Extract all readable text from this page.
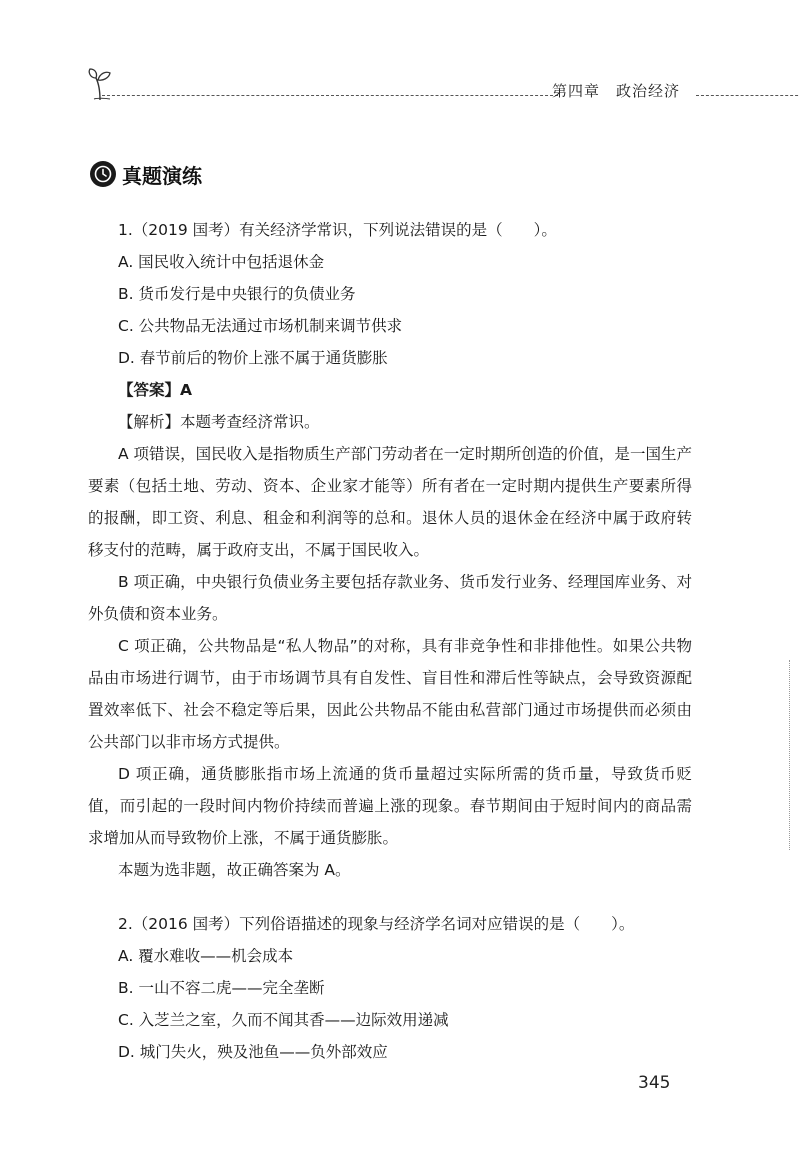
第四章 政治经济
真题演练
1.（2019 国考）有关经济学常识，下列说法错误的是（　　）。
A. 国民收入统计中包括退休金
B. 货币发行是中央银行的负债业务
C. 公共物品无法通过市场机制来调节供求
D. 春节前后的物价上涨不属于通货膨胀
【答案】A
【解析】本题考查经济常识。
A 项错误，国民收入是指物质生产部门劳动者在一定时期所创造的价值，是一国生产要素（包括土地、劳动、资本、企业家才能等）所有者在一定时期内提供生产要素所得的报酬，即工资、利息、租金和利润等的总和。退休人员的退休金在经济中属于政府转移支付的范畴，属于政府支出，不属于国民收入。
B 项正确，中央银行负债业务主要包括存款业务、货币发行业务、经理国库业务、对外负债和资本业务。
C 项正确，公共物品是“私人物品”的对称，具有非竞争性和非排他性。如果公共物品由市场进行调节，由于市场调节具有自发性、盲目性和滞后性等缺点，会导致资源配置效率低下、社会不稳定等后果，因此公共物品不能由私营部门通过市场提供而必须由公共部门以非市场方式提供。
D 项正确，通货膨胀指市场上流通的货币量超过实际所需的货币量，导致货币贬值，而引起的一段时间内物价持续而普遍上涨的现象。春节期间由于短时间内的商品需求增加从而导致物价上涨，不属于通货膨胀。
本题为选非题，故正确答案为 A。
2.（2016 国考）下列俗语描述的现象与经济学名词对应错误的是（　　）。
A. 覆水难收——机会成本
B. 一山不容二虎——完全垄断
C. 入芝兰之室，久而不闻其香——边际效用递减
D. 城门失火，殃及池鱼——负外部效应
345
